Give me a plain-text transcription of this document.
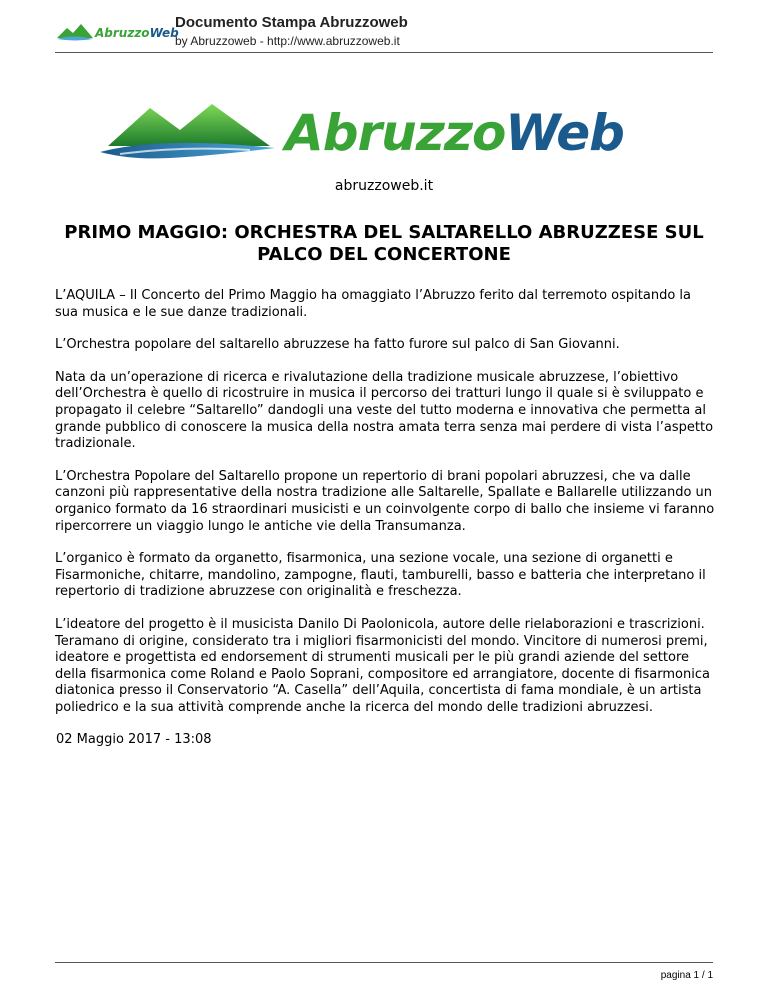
AbruzzoWeb
Documento Stampa Abruzzoweb
by Abruzzoweb - http://www.abruzzoweb.it
AbruzzoWeb
abruzzoweb.it
PRIMO MAGGIO: ORCHESTRA DEL SALTARELLO ABRUZZESE SUL PALCO DEL CONCERTONE

L’AQUILA – Il Concerto del Primo Maggio ha omaggiato l’Abruzzo ferito dal terremoto ospitando la sua musica e le sue danze tradizionali.

L’Orchestra popolare del saltarello abruzzese ha fatto furore sul palco di San Giovanni.

Nata da un’operazione di ricerca e rivalutazione della tradizione musicale abruzzese, l’obiettivo dell’Orchestra è quello di ricostruire in musica il percorso dei tratturi lungo il quale si è sviluppato e propagato il celebre “Saltarello” dandogli una veste del tutto moderna e innovativa che permetta al grande pubblico di conoscere la musica della nostra amata terra senza mai perdere di vista l’aspetto tradizionale.

L’Orchestra Popolare del Saltarello propone un repertorio di brani popolari abruzzesi, che va dalle canzoni più rappresentative della nostra tradizione alle Saltarelle, Spallate e Ballarelle utilizzando un organico formato da 16 straordinari musicisti e un coinvolgente corpo di ballo che insieme vi faranno ripercorrere un viaggio lungo le antiche vie della Transumanza.

L’organico è formato da organetto, fisarmonica, una sezione vocale, una sezione di organetti e Fisarmoniche, chitarre, mandolino, zampogne, flauti, tamburelli, basso e batteria che interpretano il repertorio di tradizione abruzzese con originalità e freschezza.

L’ideatore del progetto è il musicista Danilo Di Paolonicola, autore delle rielaborazioni e trascrizioni. Teramano di origine, considerato tra i migliori fisarmonicisti del mondo. Vincitore di numerosi premi, ideatore e progettista ed endorsement di strumenti musicali per le più grandi aziende del settore della fisarmonica come Roland e Paolo Soprani, compositore ed arrangiatore, docente di fisarmonica diatonica presso il Conservatorio “A. Casella” dell’Aquila, concertista di fama mondiale, è un artista poliedrico e la sua attività comprende anche la ricerca del mondo delle tradizioni abruzzesi.

02 Maggio 2017 - 13:08
pagina 1 / 1
